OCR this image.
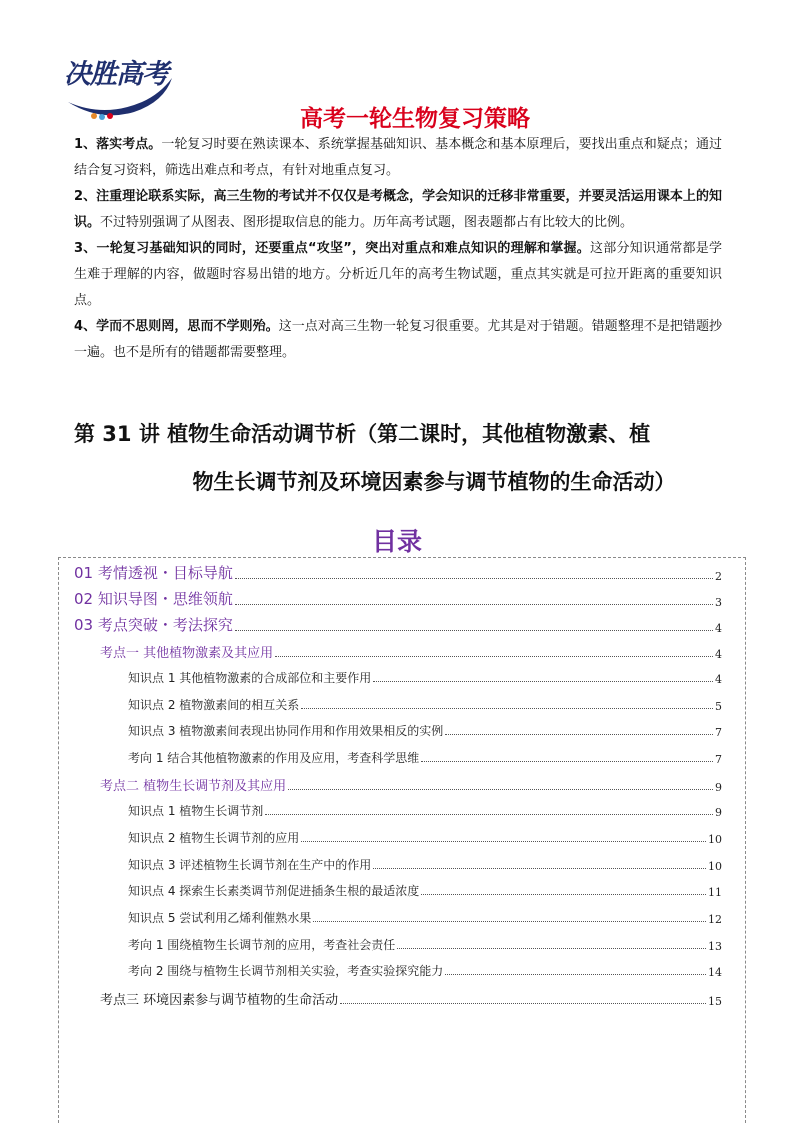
决胜高考
高考一轮生物复习策略

1、落实考点。一轮复习时要在熟读课本、系统掌握基础知识、基本概念和基本原理后，要找出重点和疑点；通过结合复习资料，筛选出难点和考点，有针对地重点复习。

2、注重理论联系实际，高三生物的考试并不仅仅是考概念，学会知识的迁移非常重要，并要灵活运用课本上的知识。不过特别强调了从图表、图形提取信息的能力。历年高考试题，图表题都占有比较大的比例。

3、一轮复习基础知识的同时，还要重点“攻坚”，突出对重点和难点知识的理解和掌握。这部分知识通常都是学生难于理解的内容，做题时容易出错的地方。分析近几年的高考生物试题，重点其实就是可拉开距离的重要知识点。

4、学而不思则罔，思而不学则殆。这一点对高三生物一轮复习很重要。尤其是对于错题。错题整理不是把错题抄一遍。也不是所有的错题都需要整理。

第 31 讲 植物生命活动调节析（第二课时，其他植物激素、植
物生长调节剂及环境因素参与调节植物的生命活动）
目录
01 考情透视・目标导航	2
02 知识导图・思维领航	3
03 考点突破・考法探究	4
考点一 其他植物激素及其应用	4
知识点 1 其他植物激素的合成部位和主要作用	4
知识点 2 植物激素间的相互关系	5
知识点 3 植物激素间表现出协同作用和作用效果相反的实例	7
考向 1 结合其他植物激素的作用及应用，考查科学思维	7
考点二 植物生长调节剂及其应用	9
知识点 1 植物生长调节剂	9
知识点 2 植物生长调节剂的应用	10
知识点 3 评述植物生长调节剂在生产中的作用	10
知识点 4 探索生长素类调节剂促进插条生根的最适浓度	11
知识点 5 尝试利用乙烯利催熟水果	12
考向 1 围绕植物生长调节剂的应用，考查社会责任	13
考向 2 围绕与植物生长调节剂相关实验，考查实验探究能力	14
考点三 环境因素参与调节植物的生命活动	15
